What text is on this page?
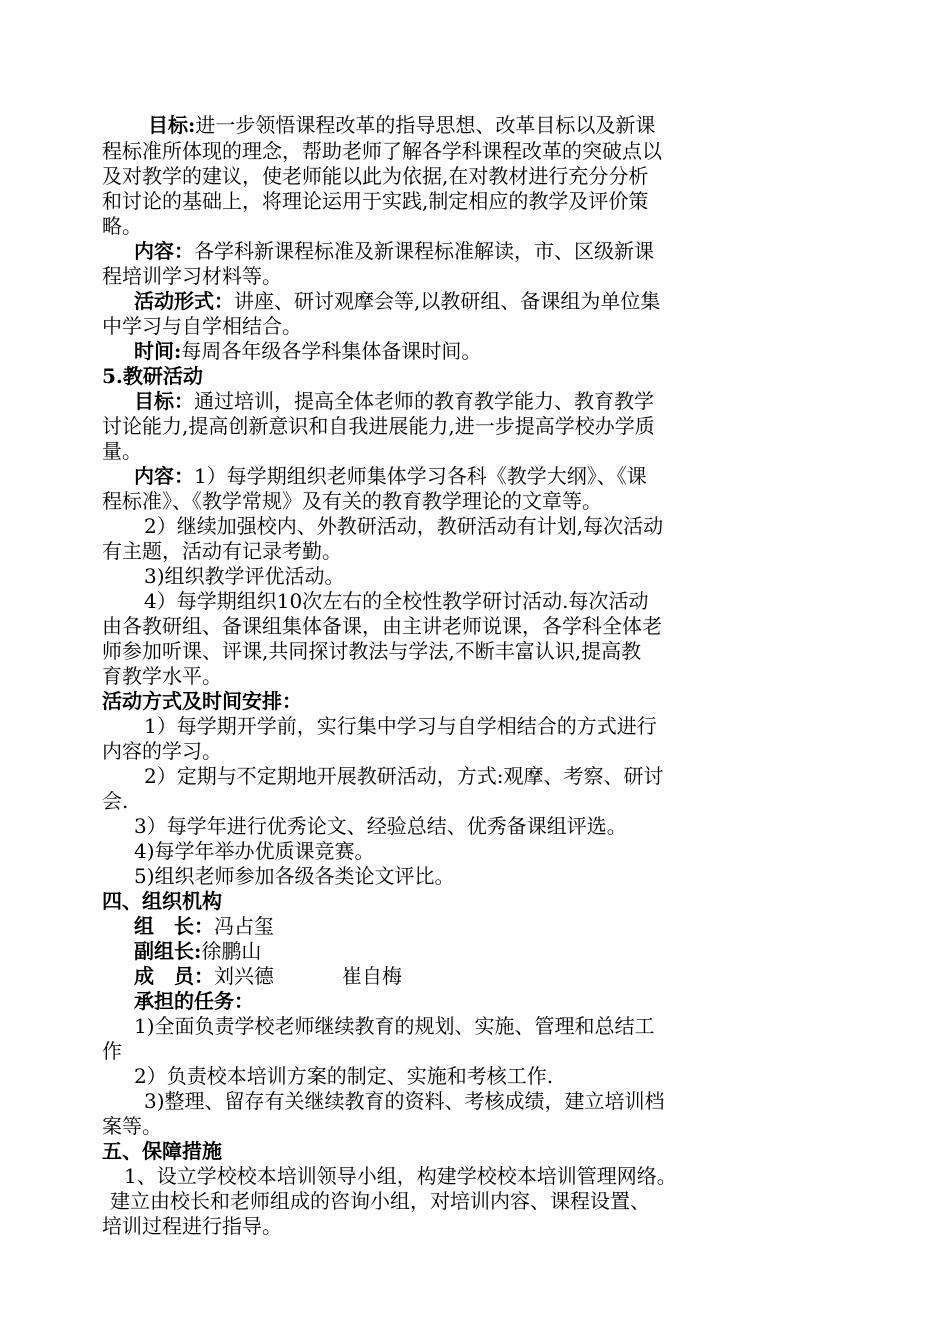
目标:进一步领悟课程改革的指导思想、改革目标以及新课
程标准所体现的理念，帮助老师了解各学科课程改革的突破点以
及对教学的建议，使老师能以此为依据,在对教材进行充分分析
和讨论的基础上，将理论运用于实践,制定相应的教学及评价策
略。
内容：各学科新课程标准及新课程标准解读，市、区级新课
程培训学习材料等。
活动形式：讲座、研讨观摩会等,以教研组、备课组为单位集
中学习与自学相结合。
时间:每周各年级各学科集体备课时间。
5.教研活动
目标：通过培训，提高全体老师的教育教学能力、教育教学
讨论能力,提高创新意识和自我进展能力,进一步提高学校办学质
量。
内容：1）每学期组织老师集体学习各科《教学大纲》、《课
程标准》、《教学常规》及有关的教育教学理论的文章等。
2）继续加强校内、外教研活动，教研活动有计划,每次活动
有主题，活动有记录考勤。
3)组织教学评优活动。
4）每学期组织10次左右的全校性教学研讨活动.每次活动
由各教研组、备课组集体备课，由主讲老师说课，各学科全体老
师参加听课、评课,共同探讨教法与学法,不断丰富认识,提高教
育教学水平。
活动方式及时间安排：
1）每学期开学前，实行集中学习与自学相结合的方式进行
内容的学习。
2）定期与不定期地开展教研活动，方式:观摩、考察、研讨
会.
3）每学年进行优秀论文、经验总结、优秀备课组评选。
4)每学年举办优质课竞赛。
5)组织老师参加各级各类论文评比。
四、组织机构
组　长：冯占玺
副组长:徐鹏山
成　员：刘兴德	崔自梅
承担的任务：
1)全面负责学校老师继续教育的规划、实施、管理和总结工
作
2）负责校本培训方案的制定、实施和考核工作.
3)整理、留存有关继续教育的资料、考核成绩，建立培训档
案等。
五、保障措施
1、设立学校校本培训领导小组，构建学校校本培训管理网络。
建立由校长和老师组成的咨询小组，对培训内容、课程设置、
培训过程进行指导。
